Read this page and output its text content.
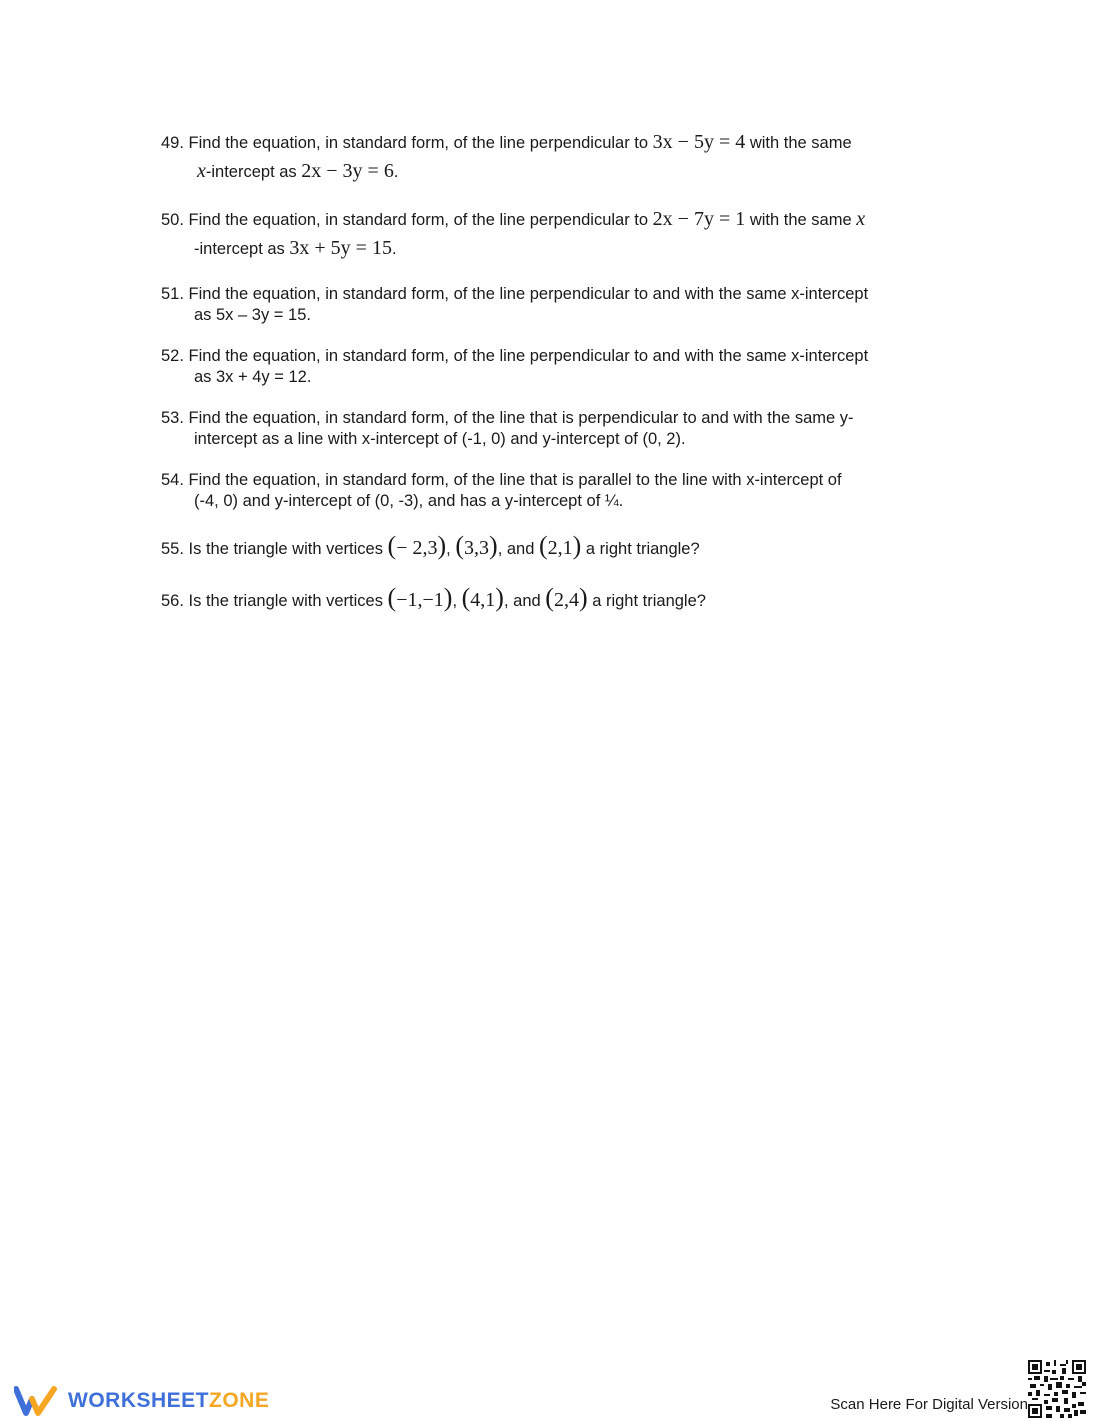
49. Find the equation, in standard form, of the line perpendicular to 3x − 5y = 4 with the same
x-intercept as 2x − 3y = 6.
50. Find the equation, in standard form, of the line perpendicular to 2x − 7y = 1 with the same x
-intercept as 3x + 5y = 15.
51. Find the equation, in standard form, of the line perpendicular to and with the same x-intercept
as 5x – 3y = 15.
52. Find the equation, in standard form, of the line perpendicular to and with the same x-intercept
as 3x + 4y = 12.
53. Find the equation, in standard form, of the line that is perpendicular to and with the same y-
intercept as a line with x-intercept of (-1, 0) and y-intercept of (0, 2).
54. Find the equation, in standard form, of the line that is parallel to the line with x-intercept of
(-4, 0) and y-intercept of (0, -3), and has a y-intercept of ¼.
55. Is the triangle with vertices (− 2,3), (3,3), and (2,1) a right triangle?
56. Is the triangle with vertices (−1,−1), (4,1), and (2,4) a right triangle?
WORKSHEETZONE	Scan Here For Digital Version
